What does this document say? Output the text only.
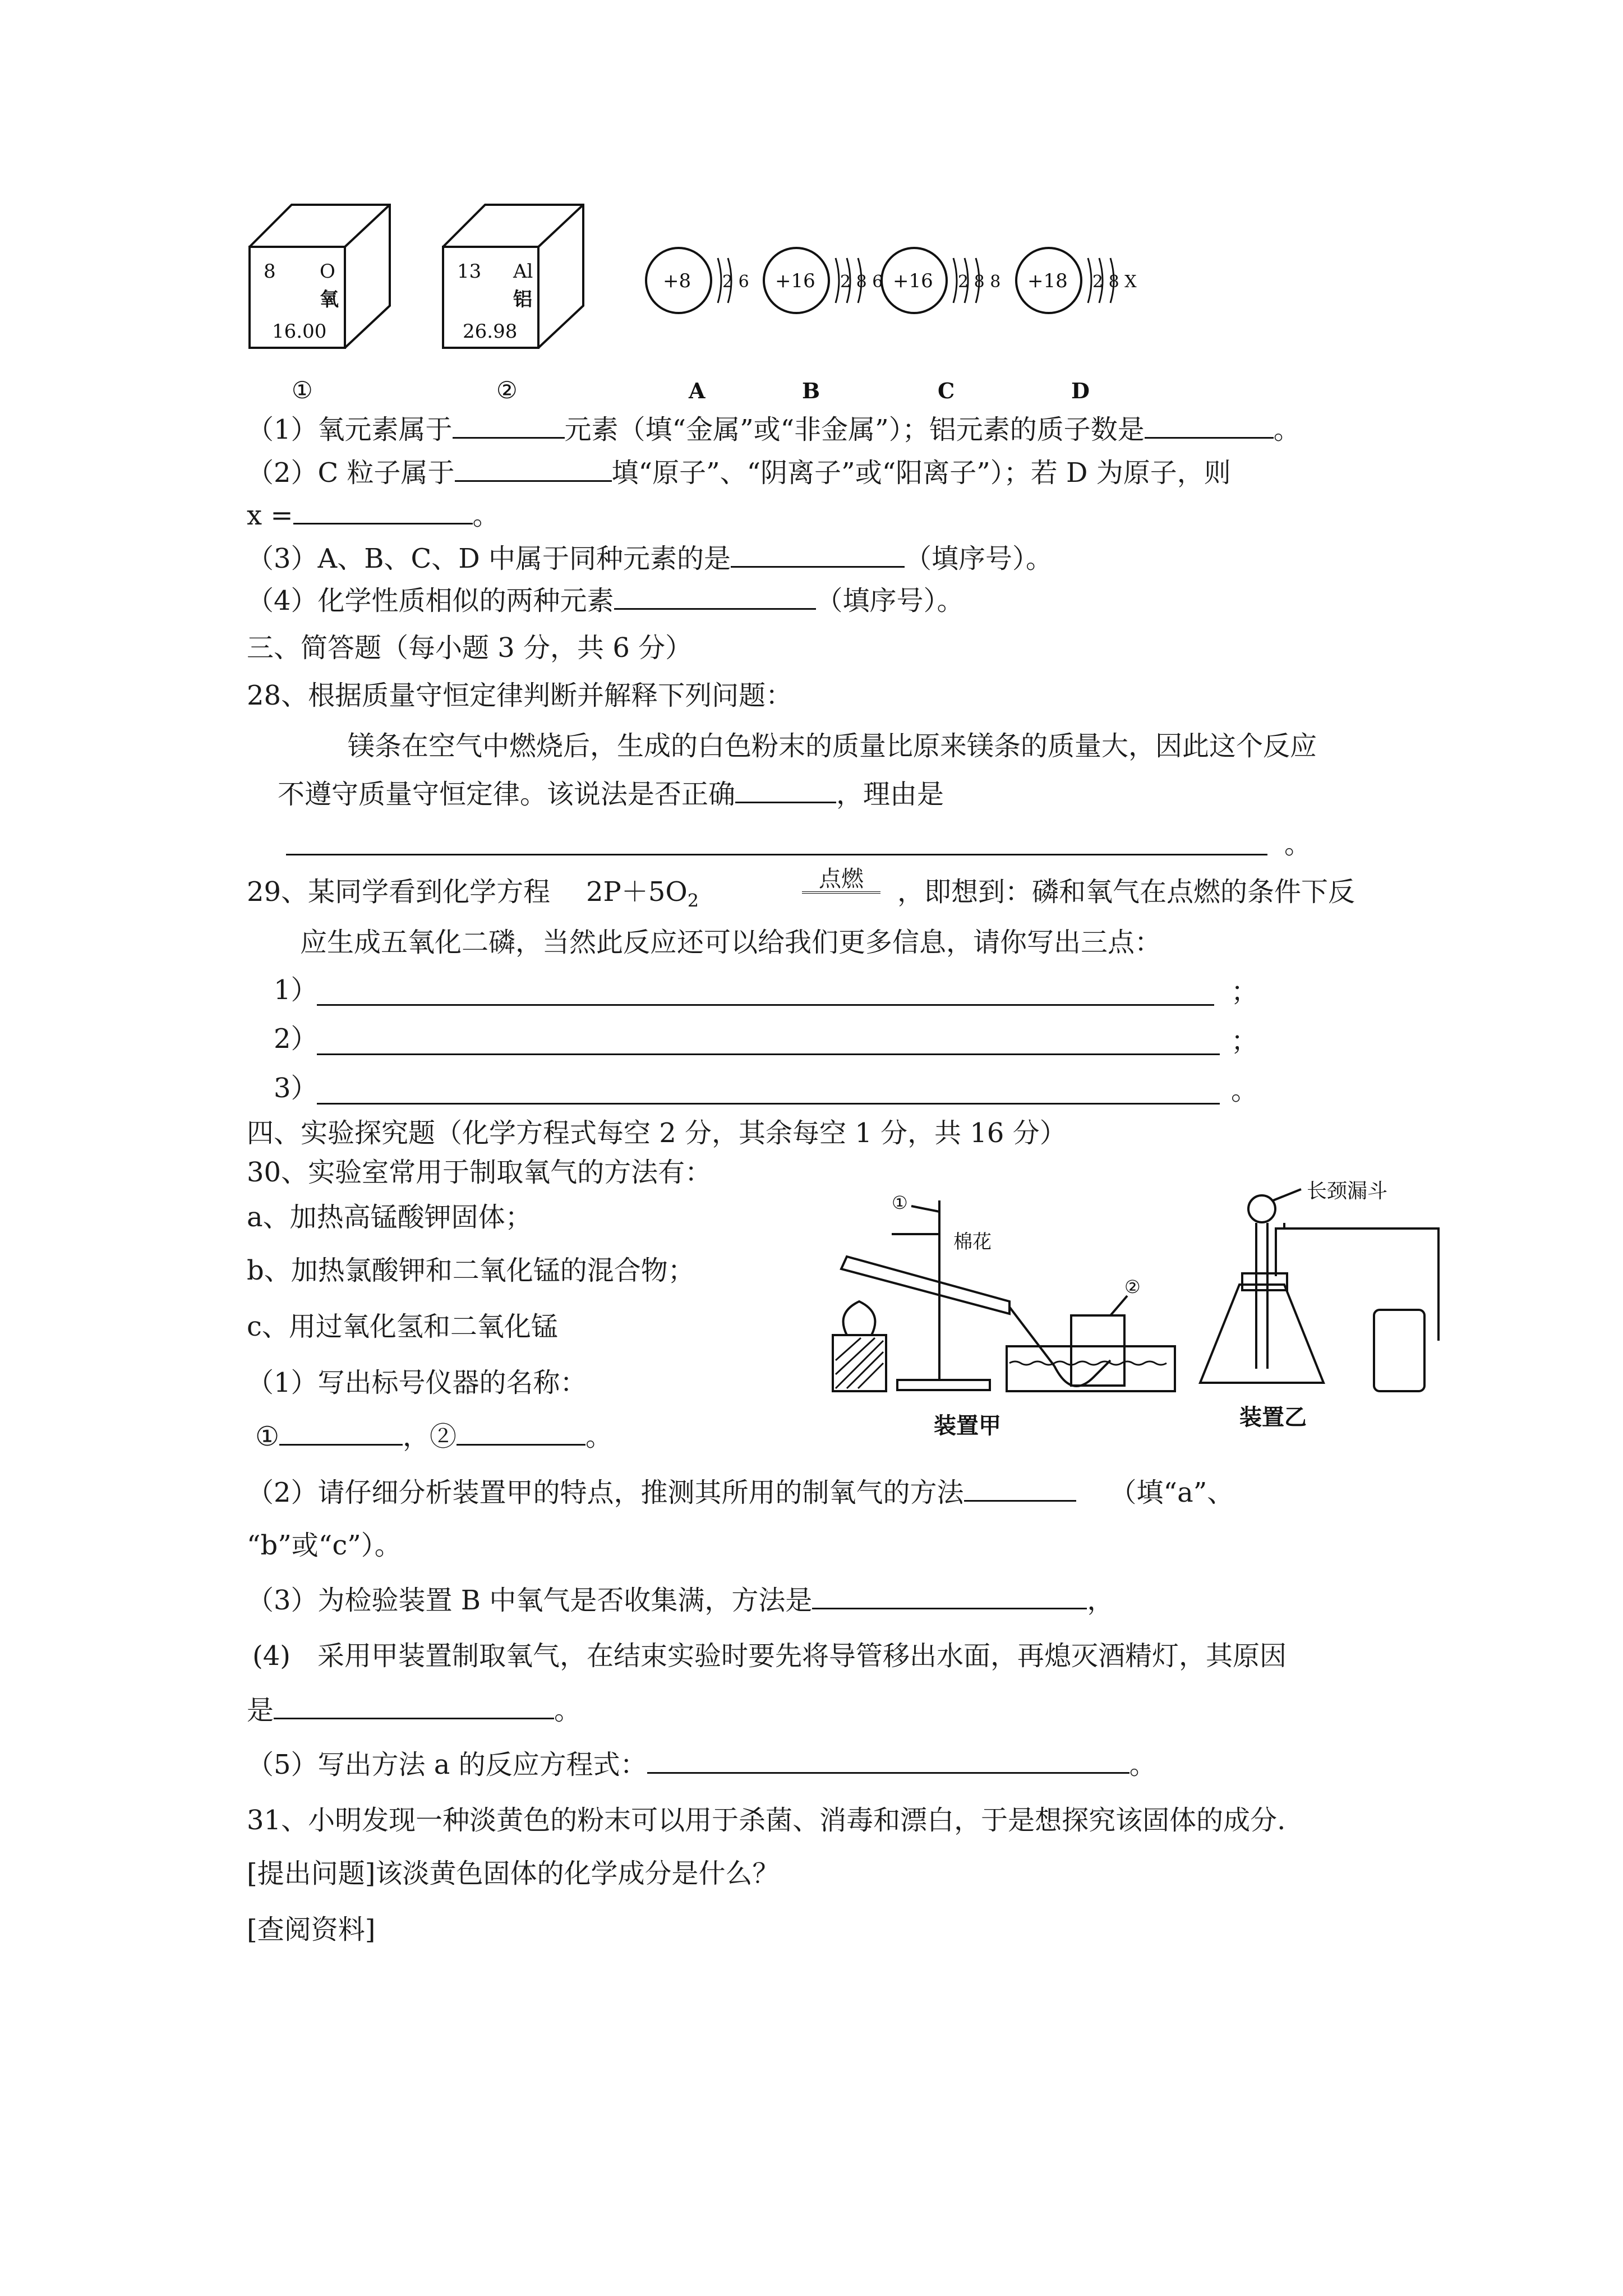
8 O
氧
16.00
13 Al
铝
26.98
+8 2 6 +16 2 8 6 +16 2 8 8 +18 2 8 X
①	②	A	B	C	D
（1）氧元素属于	元素（填“金属”或“非金属”）；铝元素的质子数是	。
（2）C 粒子属于	填“原子”、“阴离子”或“阳离子”）；若 D 为原子，则
x =	。
（3）A、B、C、D 中属于同种元素的是	（填序号）。
（4）化学性质相似的两种元素	（填序号）。
三、简答题（每小题 3 分，共 6 分）
28、根据质量守恒定律判断并解释下列问题：
镁条在空气中燃烧后，生成的白色粉末的质量比原来镁条的质量大，因此这个反应
不遵守质量守恒定律。该说法是否正确	，理由是
。
29、某同学看到化学方程 $2P+5O_2$
点燃	，即想到：磷和氧气在点燃的条件下反
应生成五氧化二磷，当然此反应还可以给我们更多信息，请你写出三点：
1）	；
2）	；
3）	。
四、实验探究题（化学方程式每空 2 分，其余每空 1 分，共 16 分）
30、实验室常用于制取氧气的方法有：
a、加热高锰酸钾固体；
b、加热氯酸钾和二氧化锰的混合物；
c、用过氧化氢和二氧化锰
（1）写出标号仪器的名称：
①	，②	。
①
②
棉花
装置甲
长颈漏斗
装置乙
（2）请仔细分析装置甲的特点，推测其所用的制氧气的方法	（填“a”、
“b”或“c”）。
（3）为检验装置 B 中氧气是否收集满，方法是	，
(4)　采用甲装置制取氧气，在结束实验时要先将导管移出水面，再熄灭酒精灯，其原因
是	。
（5）写出方法 a 的反应方程式：	。
31、小明发现一种淡黄色的粉末可以用于杀菌、消毒和漂白，于是想探究该固体的成分.
[提出问题]该淡黄色固体的化学成分是什么？
[查阅资料]
